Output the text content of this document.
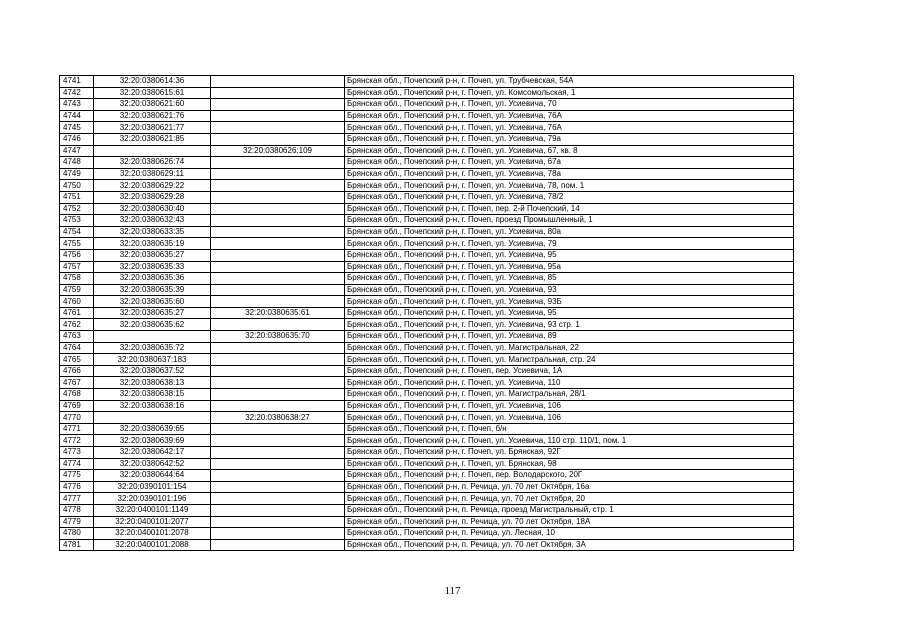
4741	32:20:0380614:36		Брянская обл., Почепский р-н, г. Почеп, ул. Трубчевская, 54А
4742	32:20:0380615:61		Брянская обл., Почепский р-н, г. Почеп, ул. Комсомольская, 1
4743	32:20:0380621:60		Брянская обл., Почепский р-н, г. Почеп, ул. Усиевича, 70
4744	32:20:0380621:76		Брянская обл., Почепский р-н, г. Почеп, ул. Усиевича, 76А
4745	32:20:0380621:77		Брянская обл., Почепский р-н, г. Почеп, ул. Усиевича, 76А
4746	32:20:0380621:85		Брянская обл., Почепский р-н, г. Почеп, ул. Усиевича, 79а
4747		32:20:0380626:109	Брянская обл., Почепский р-н, г. Почеп, ул. Усиевича, 67, кв. 8
4748	32:20:0380626:74		Брянская обл., Почепский р-н, г. Почеп, ул. Усиевича, 67а
4749	32:20:0380629:11		Брянская обл., Почепский р-н, г. Почеп, ул. Усиевича, 78а
4750	32:20:0380629:22		Брянская обл., Почепский р-н, г. Почеп, ул. Усиевича, 78, пом. 1
4751	32:20:0380629:28		Брянская обл., Почепский р-н, г. Почеп, ул. Усиевича, 78/2
4752	32:20:0380630:40		Брянская обл., Почепский р-н, г. Почеп, пер. 2-й Почепский, 14
4753	32:20:0380632:43		Брянская обл., Почепский р-н, г. Почеп, проезд Промышленный, 1
4754	32:20:0380633:35		Брянская обл., Почепский р-н, г. Почеп, ул. Усиевича, 80а
4755	32:20:0380635:19		Брянская обл., Почепский р-н, г. Почеп, ул. Усиевича, 79
4756	32:20:0380635:27		Брянская обл., Почепский р-н, г. Почеп, ул. Усиевича, 95
4757	32:20:0380635:33		Брянская обл., Почепский р-н, г. Почеп, ул. Усиевича, 95а
4758	32:20:0380635:36		Брянская обл., Почепский р-н, г. Почеп, ул. Усиевича, 85
4759	32:20:0380635:39		Брянская обл., Почепский р-н, г. Почеп, ул. Усиевича, 93
4760	32:20:0380635:60		Брянская обл., Почепский р-н, г. Почеп, ул. Усиевича, 93Б
4761	32:20:0380635:27	32:20:0380635:61	Брянская обл., Почепский р-н, г. Почеп, ул. Усиевича, 95
4762	32:20:0380635:62		Брянская обл., Почепский р-н, г. Почеп, ул. Усиевича, 93 стр. 1
4763		32:20:0380635:70	Брянская обл., Почепский р-н, г. Почеп, ул. Усиевича, 89
4764	32:20:0380635:72		Брянская обл., Почепский р-н, г. Почеп, ул. Магистральная, 22
4765	32:20:0380637:183		Брянская обл., Почепский р-н, г. Почеп, ул. Магистральная, стр. 24
4766	32:20:0380637:52		Брянская обл., Почепский р-н, г. Почеп, пер. Усиевича, 1А
4767	32:20:0380638:13		Брянская обл., Почепский р-н, г. Почеп, ул. Усиевича, 110
4768	32:20:0380638:15		Брянская обл., Почепский р-н, г. Почеп, ул. Магистральная, 28/1
4769	32:20:0380638:16		Брянская обл., Почепский р-н, г. Почеп, ул. Усиевича, 106
4770		32:20:0380638:27	Брянская обл., Почепский р-н, г. Почеп, ул. Усиевича, 106
4771	32:20:0380639:65		Брянская обл., Почепский р-н, г. Почеп, б/н
4772	32:20:0380639:69		Брянская обл., Почепский р-н, г. Почеп, ул. Усиевича, 110 стр. 110/1, пом. 1
4773	32:20:0380642:17		Брянская обл., Почепский р-н, г. Почеп, ул. Брянская, 92Г
4774	32:20:0380642:52		Брянская обл., Почепский р-н, г. Почеп, ул. Брянская, 98
4775	32:20:0380644:64		Брянская обл., Почепский р-н, г. Почеп, пер. Володарского, 20Г
4776	32:20:0390101:154		Брянская обл., Почепский р-н, п. Речица, ул. 70 лет Октября, 16а
4777	32:20:0390101:196		Брянская обл., Почепский р-н, п. Речица, ул. 70 лет Октября, 20
4778	32:20:0400101:1149		Брянская обл., Почепский р-н, п. Речица, проезд Магистральный, стр. 1
4779	32:20:0400101:2077		Брянская обл., Почепский р-н, п. Речица, ул. 70 лет Октября, 18А
4780	32:20:0400101:2078		Брянская обл., Почепский р-н, п. Речица, ул. Лесная, 10
4781	32:20:0400101:2088		Брянская обл., Почепский р-н, п. Речица, ул. 70 лет Октября, 3А
117
